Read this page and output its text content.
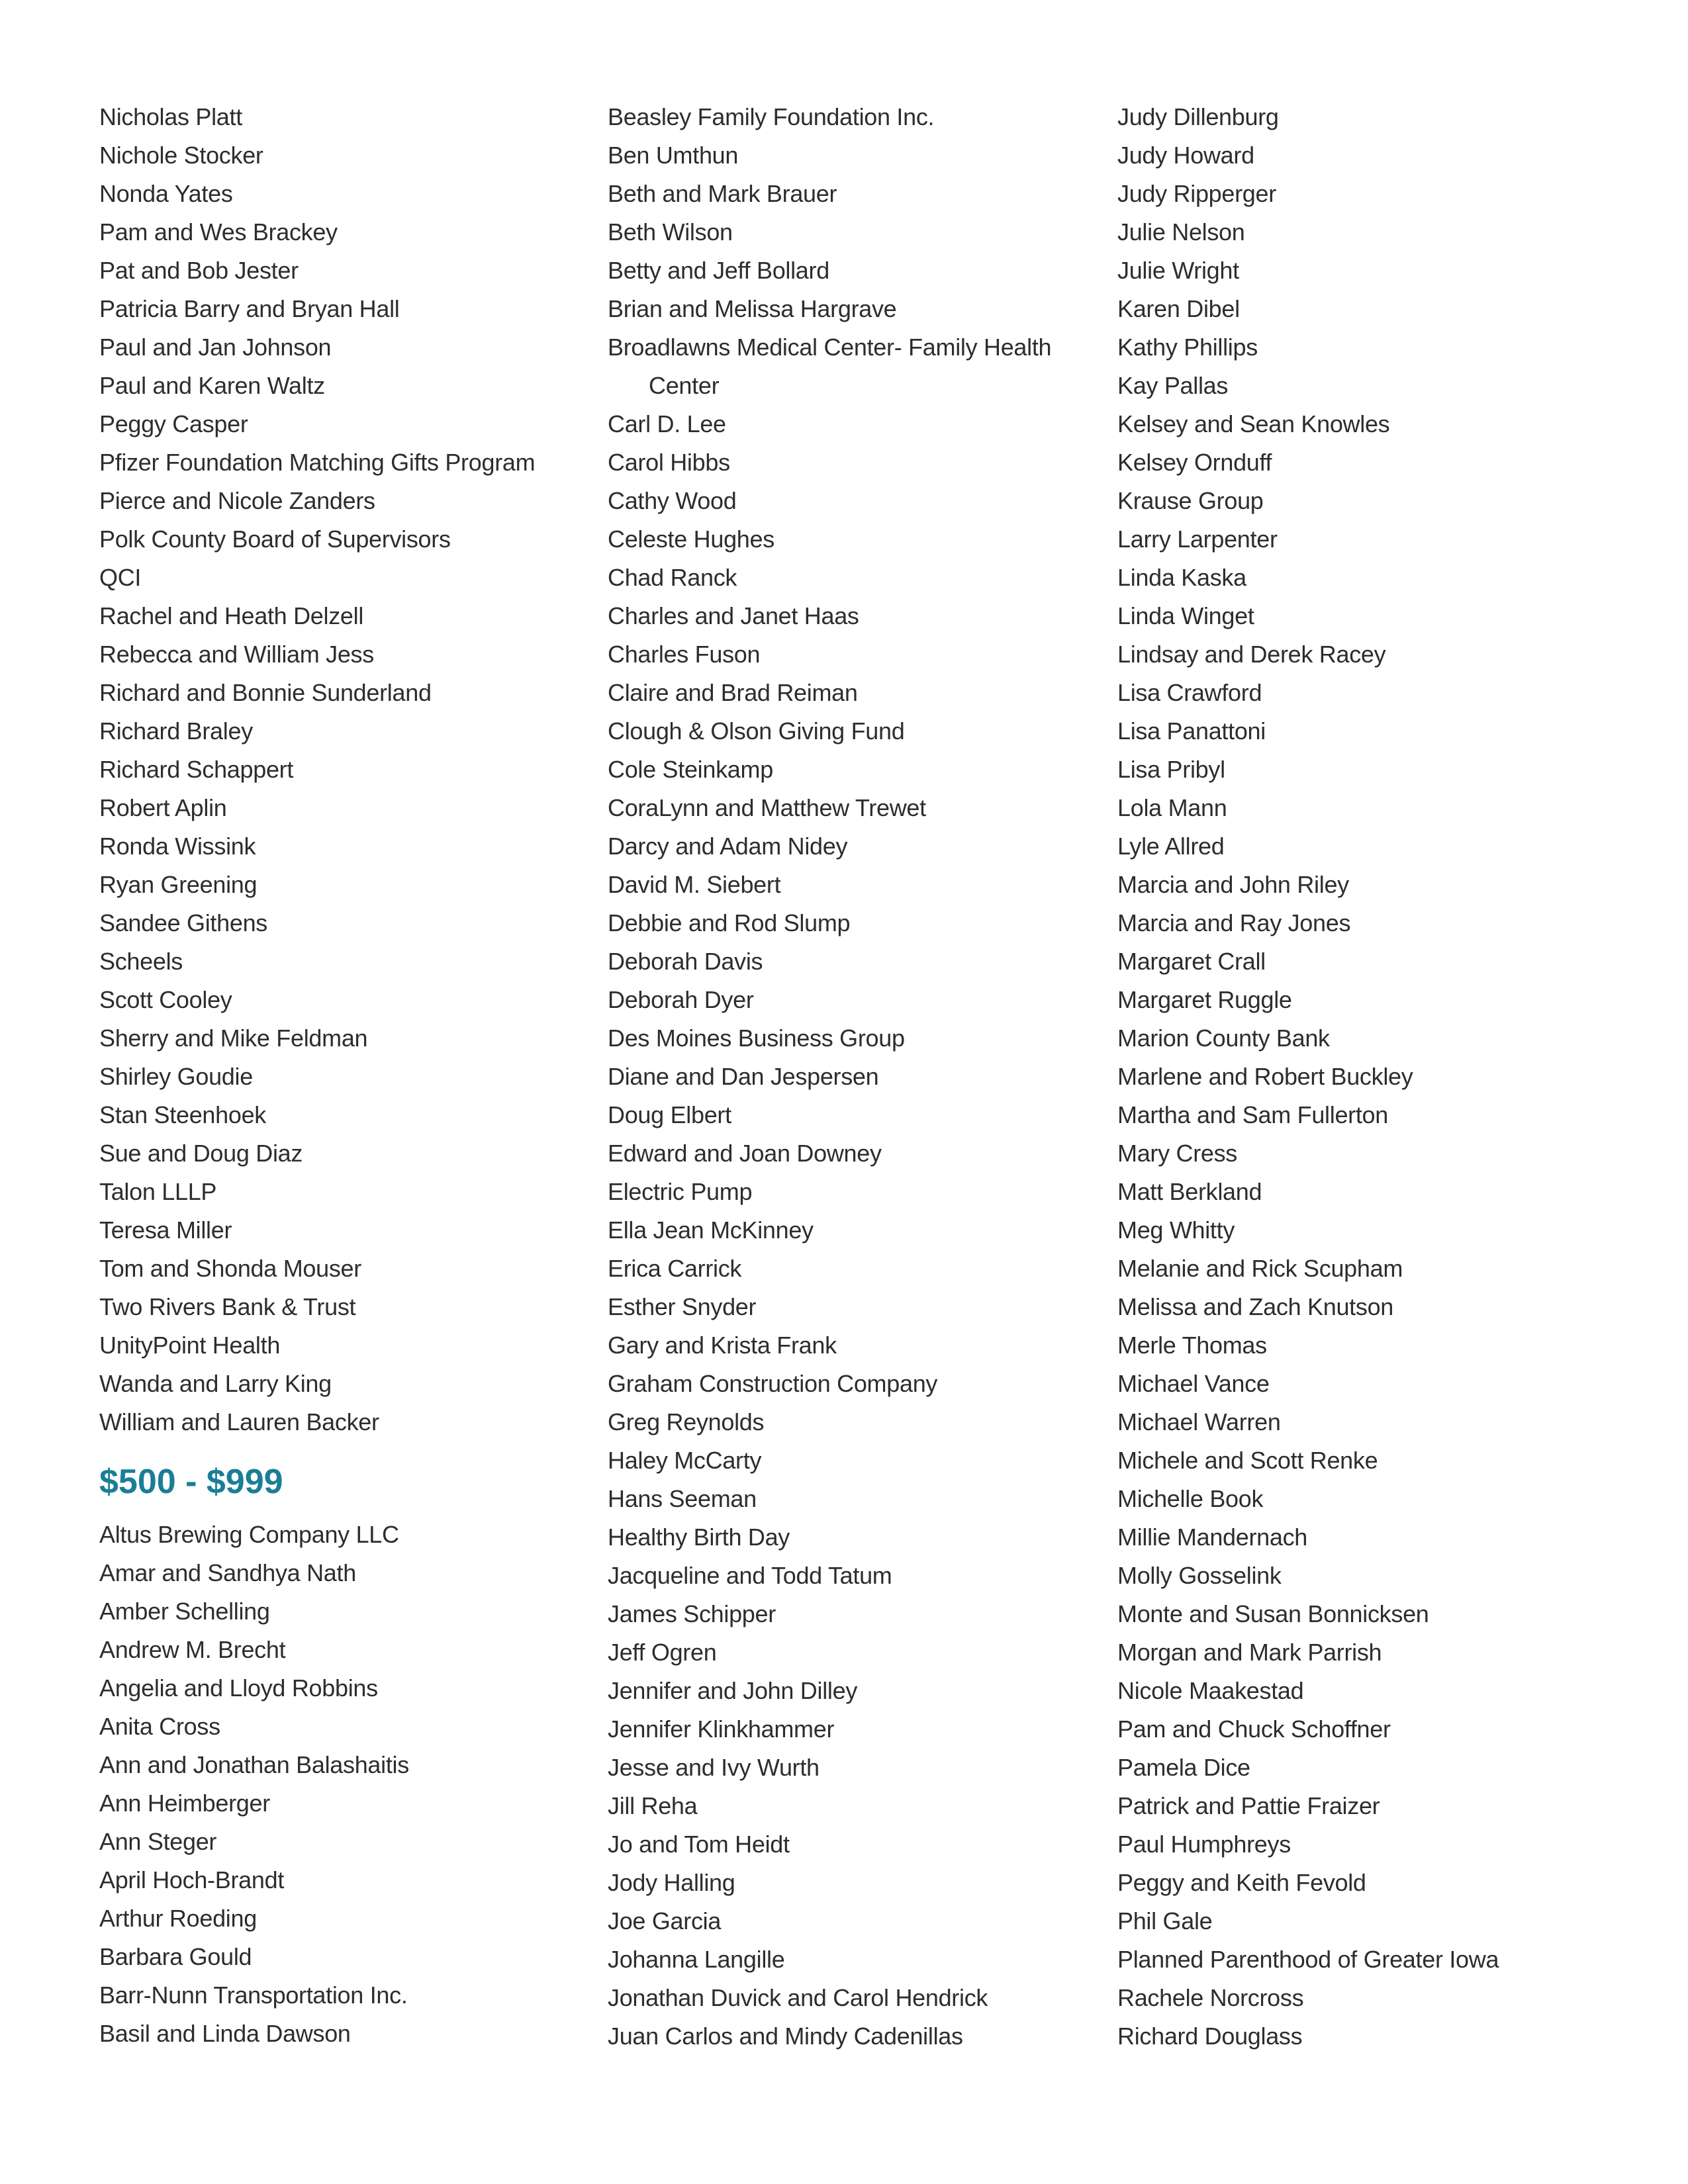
Nicholas Platt
Nichole Stocker
Nonda Yates
Pam and Wes Brackey
Pat and Bob Jester
Patricia Barry and Bryan Hall
Paul and Jan Johnson
Paul and Karen Waltz
Peggy Casper
Pfizer Foundation Matching Gifts Program
Pierce and Nicole Zanders
Polk County Board of Supervisors
QCI
Rachel and Heath Delzell
Rebecca and William Jess
Richard and Bonnie Sunderland
Richard Braley
Richard Schappert
Robert Aplin
Ronda Wissink
Ryan Greening
Sandee Githens
Scheels
Scott Cooley
Sherry and Mike Feldman
Shirley Goudie
Stan Steenhoek
Sue and Doug Diaz
Talon LLLP
Teresa Miller
Tom and Shonda Mouser
Two Rivers Bank & Trust
UnityPoint Health
Wanda and Larry King
William and Lauren Backer
$500 - $999
Altus Brewing Company LLC
Amar and Sandhya Nath
Amber Schelling
Andrew M. Brecht
Angelia and Lloyd Robbins
Anita Cross
Ann and Jonathan Balashaitis
Ann Heimberger
Ann Steger
April Hoch-Brandt
Arthur Roeding
Barbara Gould
Barr-Nunn Transportation Inc.
Basil and Linda Dawson
Beasley Family Foundation Inc.
Ben Umthun
Beth and Mark Brauer
Beth Wilson
Betty and Jeff Bollard
Brian and Melissa Hargrave
Broadlawns Medical Center- Family Health Center
Carl D. Lee
Carol Hibbs
Cathy Wood
Celeste Hughes
Chad Ranck
Charles and Janet Haas
Charles Fuson
Claire and Brad Reiman
Clough & Olson Giving Fund
Cole Steinkamp
CoraLynn and Matthew Trewet
Darcy and Adam Nidey
David M. Siebert
Debbie and Rod Slump
Deborah Davis
Deborah Dyer
Des Moines Business Group
Diane and Dan Jespersen
Doug Elbert
Edward and Joan Downey
Electric Pump
Ella Jean McKinney
Erica Carrick
Esther Snyder
Gary and Krista Frank
Graham Construction Company
Greg Reynolds
Haley McCarty
Hans Seeman
Healthy Birth Day
Jacqueline and Todd Tatum
James Schipper
Jeff Ogren
Jennifer and John Dilley
Jennifer Klinkhammer
Jesse and Ivy Wurth
Jill Reha
Jo and Tom Heidt
Jody Halling
Joe Garcia
Johanna Langille
Jonathan Duvick and Carol Hendrick
Juan Carlos and Mindy Cadenillas
Judy Dillenburg
Judy Howard
Judy Ripperger
Julie Nelson
Julie Wright
Karen Dibel
Kathy Phillips
Kay Pallas
Kelsey and Sean Knowles
Kelsey Ornduff
Krause Group
Larry Larpenter
Linda Kaska
Linda Winget
Lindsay and Derek Racey
Lisa Crawford
Lisa Panattoni
Lisa Pribyl
Lola Mann
Lyle Allred
Marcia and John Riley
Marcia and Ray Jones
Margaret Crall
Margaret Ruggle
Marion County Bank
Marlene and Robert Buckley
Martha and Sam Fullerton
Mary Cress
Matt Berkland
Meg Whitty
Melanie and Rick Scupham
Melissa and Zach Knutson
Merle Thomas
Michael Vance
Michael Warren
Michele and Scott Renke
Michelle Book
Millie Mandernach
Molly Gosselink
Monte and Susan Bonnicksen
Morgan and Mark Parrish
Nicole Maakestad
Pam and Chuck Schoffner
Pamela Dice
Patrick and Pattie Fraizer
Paul Humphreys
Peggy and Keith Fevold
Phil Gale
Planned Parenthood of Greater Iowa
Rachele Norcross
Richard Douglass
